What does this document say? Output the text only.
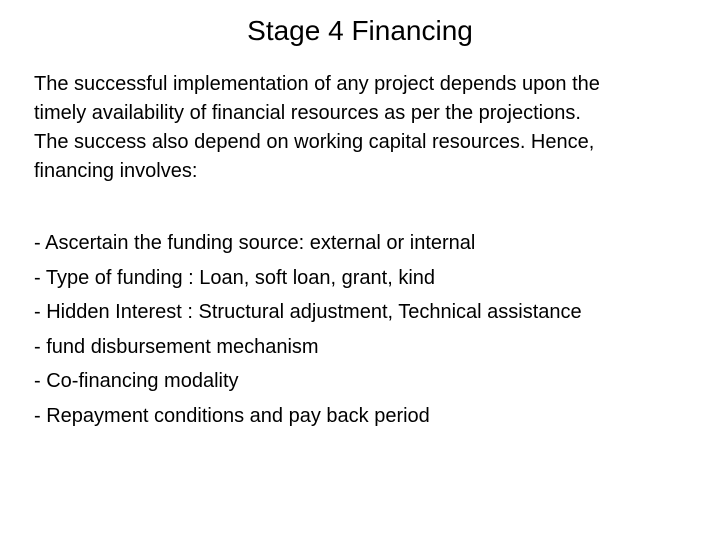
Stage 4 Financing

The successful implementation of any project depends upon the
timely availability of financial resources as per the projections.
The success also depend on working capital resources. Hence,
financing involves:

- Ascertain the funding source: external or internal
- Type of funding : Loan, soft loan, grant, kind
- Hidden Interest : Structural adjustment, Technical assistance
- fund disbursement mechanism
- Co-financing modality
- Repayment conditions and pay back period
